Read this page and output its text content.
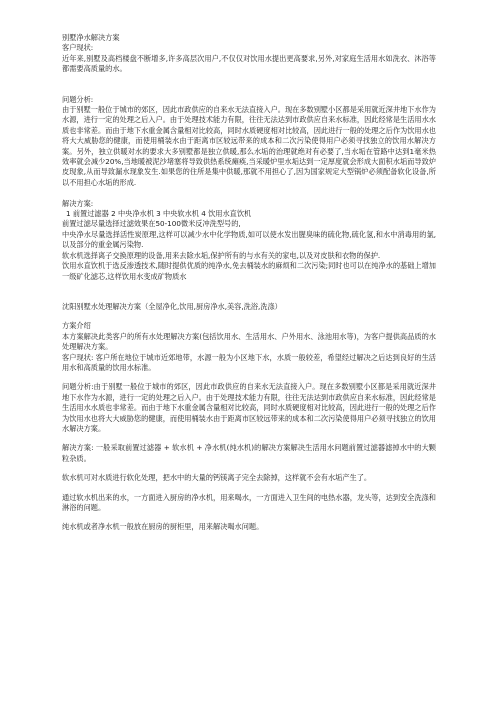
别墅净水解决方案

客户现状:

近年来,别墅及高档楼盘不断增多,许多高层次用户,不仅仅对饮用水提出更高要求,另外,对家庭生活用水如洗衣、沐浴等都需要高质量的水。

问题分析:

由于别墅一般位于城市的郊区，因此市政供应的自来水无法直接入户。现在多数别墅小区都是采用就近深井地下水作为水源，进行一定的处理之后入户。由于处理技术能力有限，往往无法达到市政供应自来水标准，因此经常是生活用水水质也非常差。而由于地下水重金属含量相对比较高，同时水质硬度相对比较高，因此进行一般的处理之后作为饮用水也将大大威胁您的健康，而使用桶装水由于距离市区较远带来的成本和二次污染使得用户必须寻找独立的饮用水解决方案。另外，独立供暖对水的要求大多别墅都是独立供暖,那么水垢的治理就绝对有必要了,当水垢在管路中达到1毫米热效率就会减少20%,当地暖被泥沙堵塞将导致供热系统瘫痪,当采暖炉里水垢达到一定厚度就会形成大面积水垢而导致炉皮现象,从而导致漏水现象发生.如果您的住所是集中供暖,那就不用担心了,因为国家规定大型锅炉必须配备软化设备,所以不用担心水垢的形成.

解决方案:

1 前置过滤器 2 中央净水机 3 中央软水机 4 饮用水直饮机

前置过滤尽量选择过滤效果在50-100微米反冲洗型号的,

中央净水尽量选择活性炭原理,这样可以减少水中化学物质,如可以使水发出腥臭味的硫化物,硫化氢,和水中消毒用的氯,以及部分的重金属污染物.

软水机选择离子交换原理的设备,用来去除水垢,保护所有的与水有关的家电,以及对皮肤和衣物的保护.

饮用水直饮机于选反渗透技术,随时提供优质的纯净水,免去桶装水的麻烦和二次污染;同时也可以在纯净水的基础上增加一级矿化滤芯,这样饮用水变成矿物质水

沈阳别墅水处理解决方案（全屋净化,饮用,厨房净水,美容,洗浴,洗涤）

方案介绍

本方案解决此类客户的所有水处理解决方案(包括饮用水、生活用水、户外用水、泳池用水等)，为客户提供高品质的水处理解决方案。

客户现状: 客户所在地位于城市近郊地带，水源一般为小区地下水，水质一般较差，希望经过解决之后达到良好的生活用水和高质量的饮用水标准。

问题分析:由于别墅一般位于城市的郊区，因此市政供应的自来水无法直接入户。现在多数别墅小区都是采用就近深井地下水作为水源，进行一定的处理之后入户。由于处理技术能力有限，往往无法达到市政供应自来水标准，因此经常是生活用水水质也非常差。而由于地下水重金属含量相对比较高，同时水质硬度相对比较高，因此进行一般的处理之后作为饮用水也将大大威胁您的健康，而使用桶装水由于距离市区较远带来的成本和二次污染使得用户必须寻找独立的饮用水解决方案。

解决方案: 一般采取前置过滤器 + 软水机 + 净水机(纯水机)的解决方案解决生活用水问题前置过滤器滤掉水中的大颗粒杂质。

软水机可对水质进行软化处理，把水中的大量的钙镁离子完全去除掉，这样就不会有水垢产生了。

通过软水机出来的水，一方面进入厨房的净水机，用来喝水，一方面进入卫生间的电热水器，龙头等，达到安全洗涤和淋浴的问题。

纯水机或者净水机一般放在厨房的厨柜里，用来解决喝水问题。
